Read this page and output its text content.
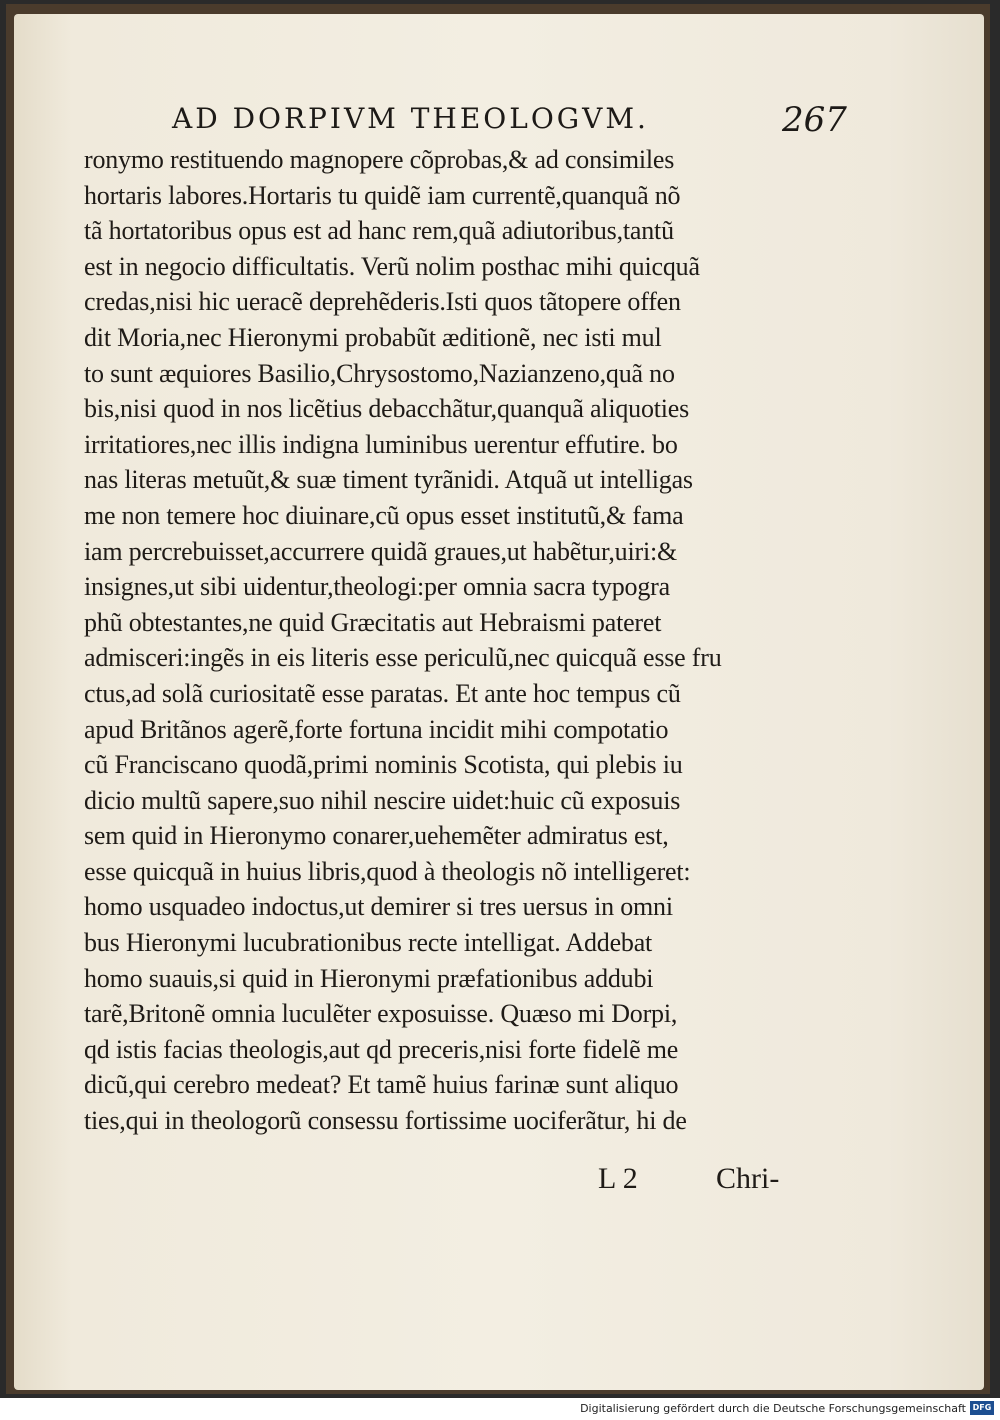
AD DORPIVM THEOLOGVM.	267
ronymo restituendo magnopere cõprobas,& ad consimiles
hortaris labores.Hortaris tu quidẽ iam currentẽ,quanquã nõ
tã hortatoribus opus est ad hanc rem,quã adiutoribus,tantũ
est in negocio difficultatis. Verũ nolim posthac mihi quicquã
credas,nisi hic ueracẽ deprehẽderis.Isti quos tãtopere offen
dit Moria,nec Hieronymi probabũt æditionẽ, nec isti mul
to sunt æquiores Basilio,Chrysostomo,Nazianzeno,quã no
bis,nisi quod in nos licẽtius debacchãtur,quanquã aliquoties
irritatiores,nec illis indigna luminibus uerentur effutire. bo
nas literas metuũt,& suæ timent tyrãnidi. Atquã ut intelligas
me non temere hoc diuinare,cũ opus esset institutũ,& fama
iam percrebuisset,accurrere quidã graues,ut habẽtur,uiri:&
insignes,ut sibi uidentur,theologi:per omnia sacra typogra
phũ obtestantes,ne quid Græcitatis aut Hebraismi pateret
admisceri:ingẽs in eis literis esse periculũ,nec quicquã esse fru
ctus,ad solã curiositatẽ esse paratas. Et ante hoc tempus cũ
apud Britãnos agerẽ,forte fortuna incidit mihi compotatio
cũ Franciscano quodã,primi nominis Scotista, qui plebis iu
dicio multũ sapere,suo nihil nescire uidet:huic cũ exposuis
sem quid in Hieronymo conarer,uehemẽter admiratus est,
esse quicquã in huius libris,quod à theologis nõ intelligeret:
homo usquadeo indoctus,ut demirer si tres uersus in omni
bus Hieronymi lucubrationibus recte intelligat. Addebat
homo suauis,si quid in Hieronymi præfationibus addubi
tarẽ,Britonẽ omnia luculẽter exposuisse. Quæso mi Dorpi,
qd istis facias theologis,aut qd preceris,nisi forte fidelẽ me
dicũ,qui cerebro medeat? Et tamẽ huius farinæ sunt aliquo
ties,qui in theologorũ consessu fortissime uociferãtur, hi de
L 2	Chri-
Digitalisierung gefördert durch die Deutsche Forschungsgemeinschaft DFG
